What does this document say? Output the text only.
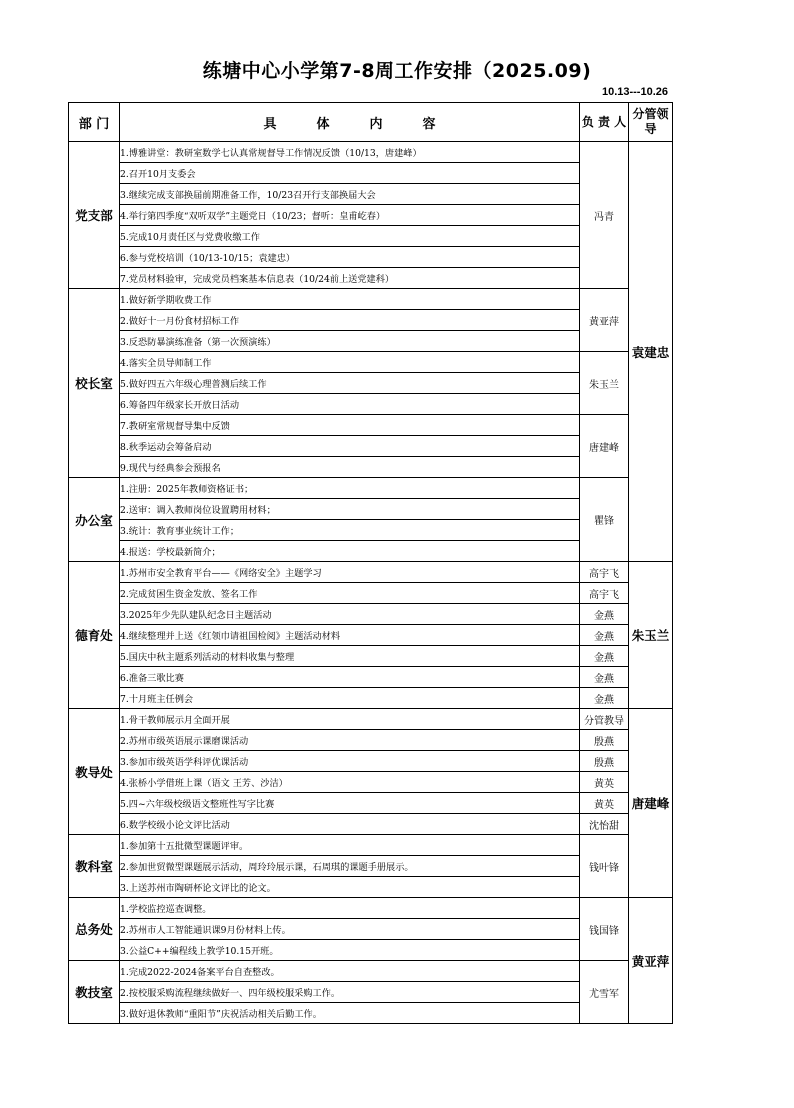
练塘中心小学第7-8周工作安排（2025.09)
10.13---10.26
部 门	具体内容	负 责 人	分管领导
党支部	1.博雅讲堂：教研室数学七认真常规督导工作情况反馈（10/13，唐建峰）	冯青	袁建忠
	2.召开10月支委会		
	3.继续完成支部换届前期准备工作，10/23召开行支部换届大会		
	4.举行第四季度“双听双学”主题党日（10/23；督听：皇甫屹春）		
	5.完成10月责任区与党费收缴工作		
	6.参与党校培训（10/13-10/15；袁建忠）		
	7.党员材料验审，完成党员档案基本信息表（10/24前上送党建科）		
校长室	1.做好新学期收费工作	黄亚萍	
	2.做好十一月份食材招标工作		
	3.反恐防暴演练准备（第一次预演练）		
	4.落实全员导师制工作	朱玉兰	
	5.做好四五六年级心理普测后续工作		
	6.筹备四年级家长开放日活动		
	7.教研室常规督导集中反馈	唐建峰	
	8.秋季运动会筹备启动		
	9.现代与经典参会预报名		
办公室	1.注册：2025年教师资格证书；	瞿锋	
	2.送审：调入教师岗位设置聘用材料；		
	3.统计：教育事业统计工作；		
	4.报送：学校最新简介；		
德育处	1.苏州市安全教育平台——《网络安全》主题学习	高宇飞	朱玉兰
	2.完成贫困生资金发放、签名工作	高宇飞	
	3.2025年少先队建队纪念日主题活动	金燕	
	4.继续整理并上送《红领巾请祖国检阅》主题活动材料	金燕	
	5.国庆中秋主题系列活动的材料收集与整理	金燕	
	6.准备三歌比赛	金燕	
	7.十月班主任例会	金燕	
教导处	1.骨干教师展示月全面开展	分管教导	唐建峰
	2.苏州市级英语展示课磨课活动	殷燕	
	3.参加市级英语学科评优课活动	殷燕	
	4.张桥小学借班上课（语文 王芳、沙洁）	黄英	
	5.四~六年级校级语文整班性写字比赛	黄英	
	6.数学校级小论文评比活动	沈怡甜	
教科室	1.参加第十五批微型课题评审。	钱叶锋	
	2.参加世贸微型课题展示活动，周玲玲展示课，石周琪的课题手册展示。		
	3.上送苏州市陶研杯论文评比的论文。		
总务处	1.学校监控巡查调整。	钱国锋	黄亚萍
	2.苏州市人工智能通识课9月份材料上传。		
	3.公益C++编程线上教学10.15开班。		
教技室	1.完成2022-2024备案平台自查整改。	尤雪军	
	2.按校服采购流程继续做好一、四年级校服采购工作。		
	3.做好退休教师“重阳节”庆祝活动相关后勤工作。		
